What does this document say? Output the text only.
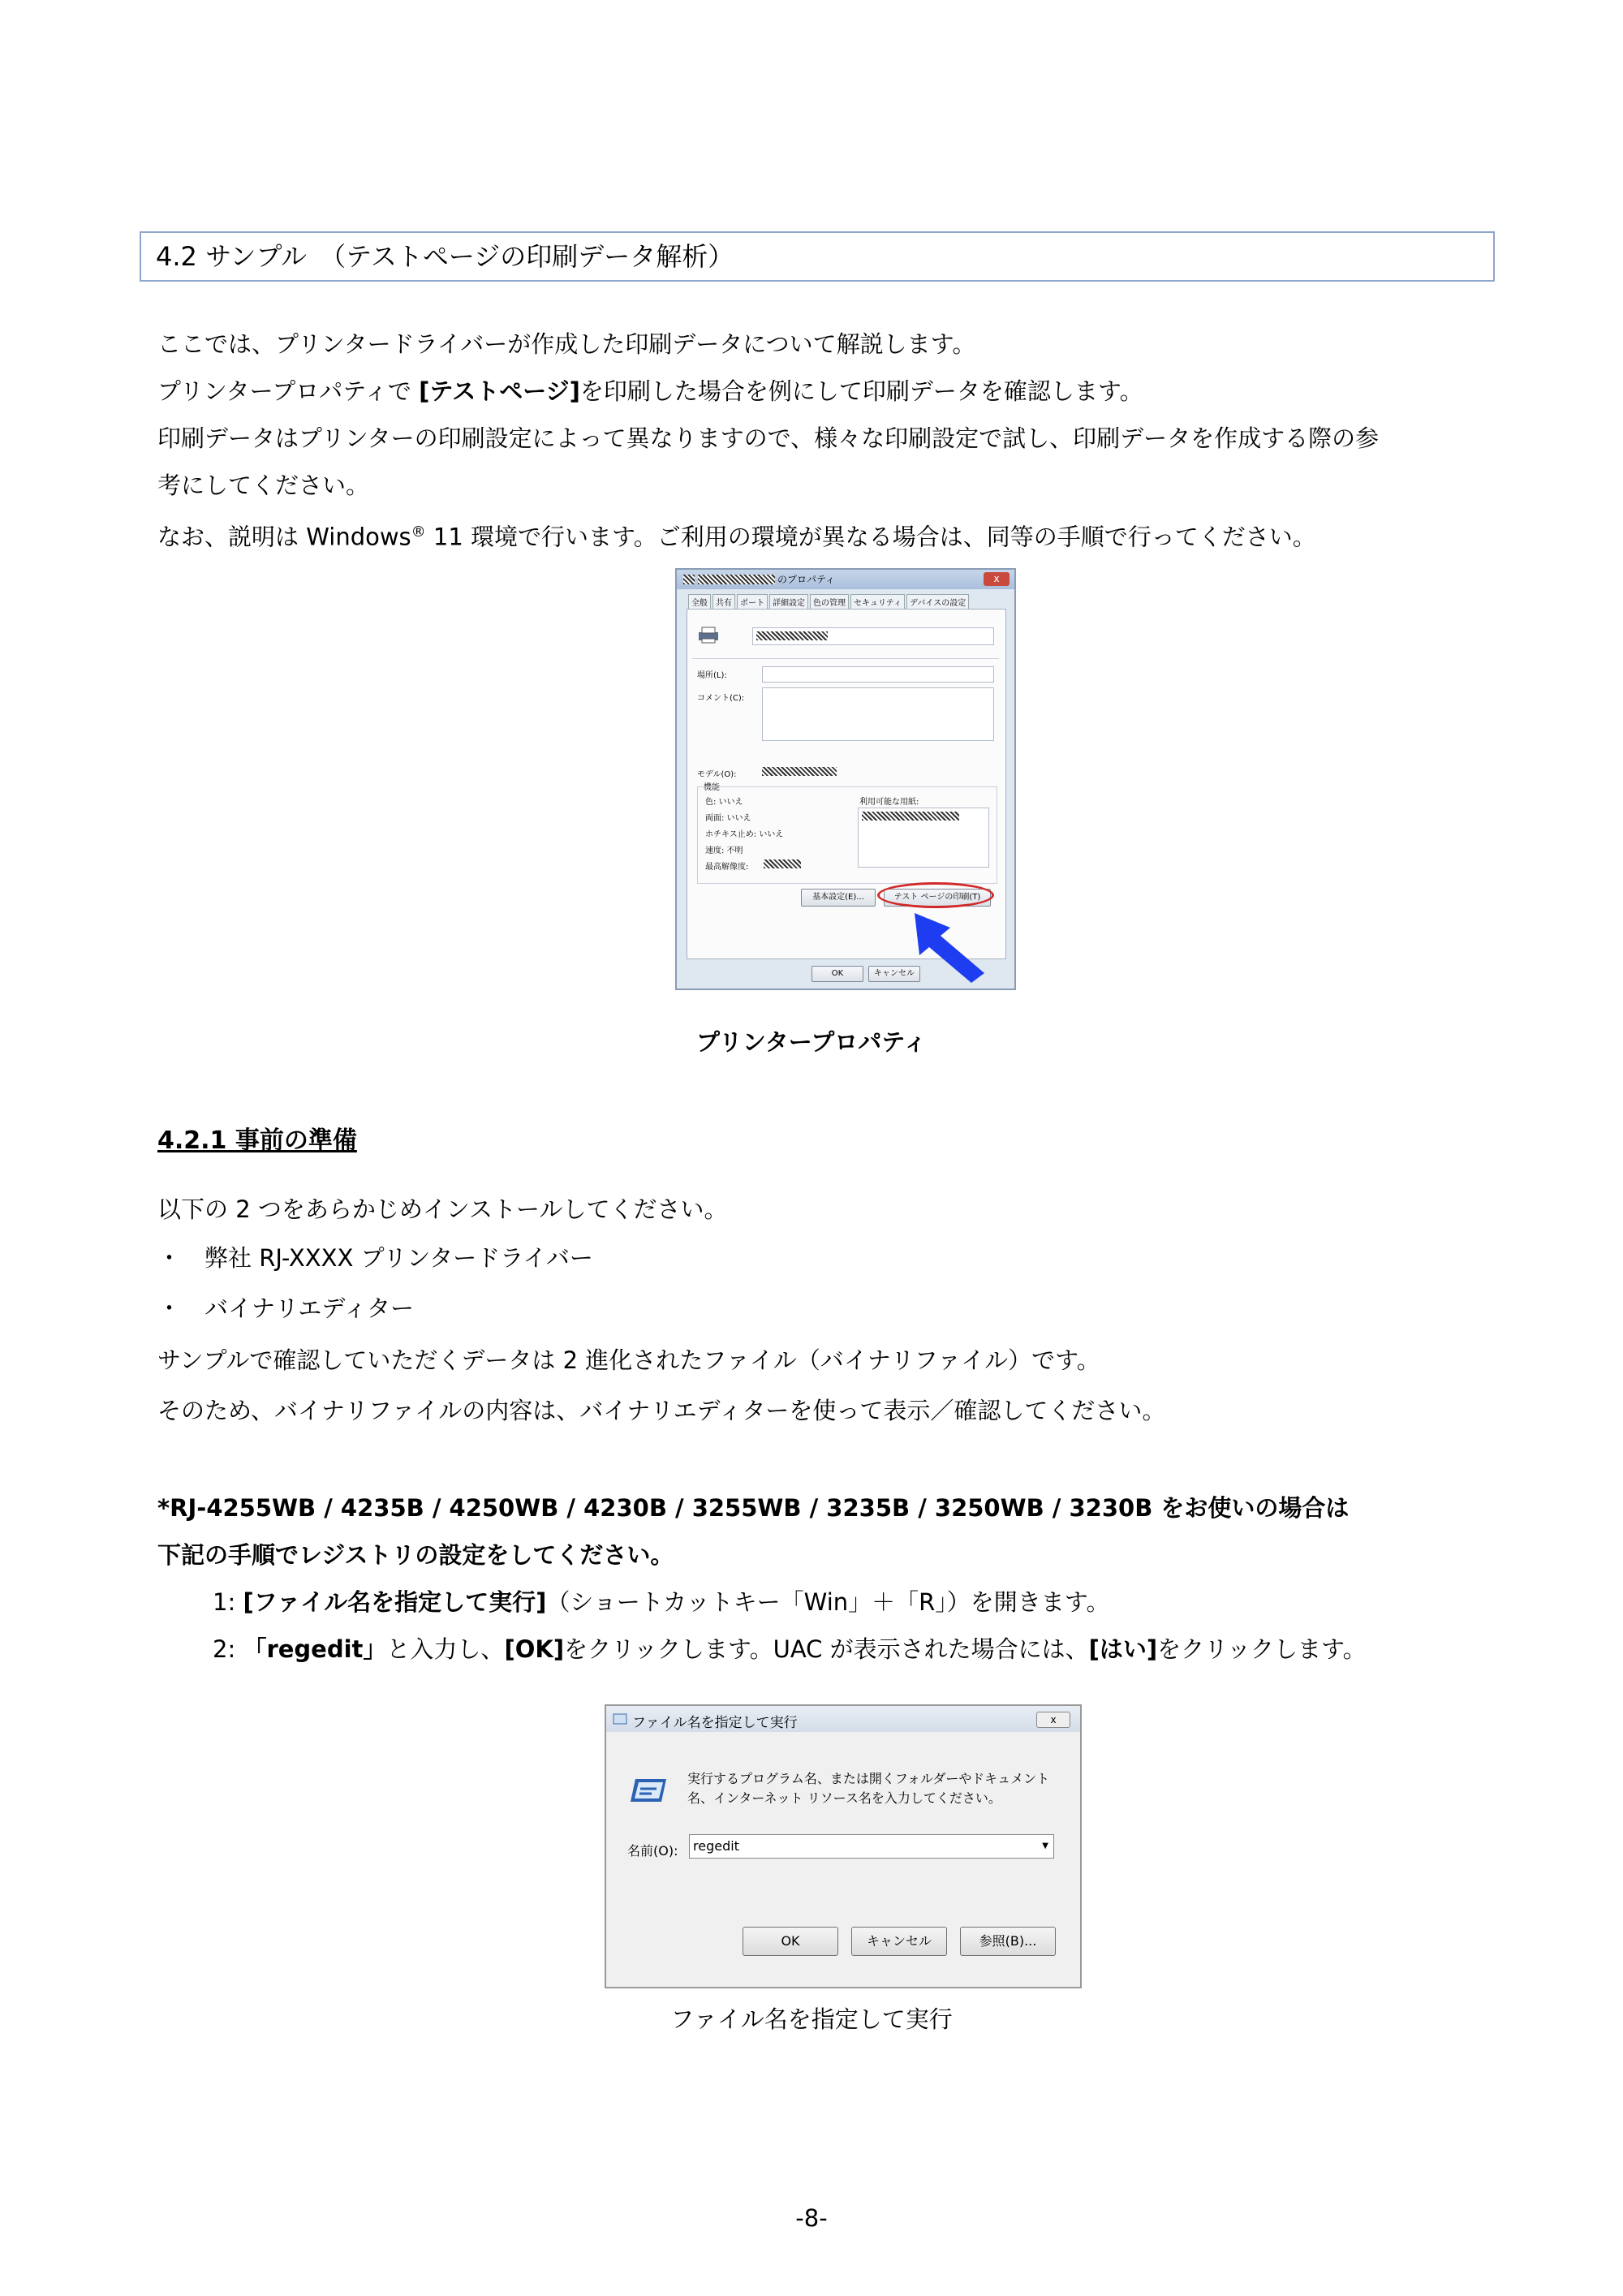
4.2 サンプル　（テストページの印刷データ解析）
ここでは、プリンタードライバーが作成した印刷データについて解説します。
プリンタープロパティで [テストページ]を印刷した場合を例にして印刷データを確認します。
印刷データはプリンターの印刷設定によって異なりますので、様々な印刷設定で試し、印刷データを作成する際の参
考にしてください。
なお、説明は Windows® 11 環境で行います。ご利用の環境が異なる場合は、同等の手順で行ってください。
のプロパティ	x
全般	共有	ポート	詳細設定	色の管理	セキュリティ	デバイスの設定
場所(L):
コメント(C):
モデル(O):
機能
色: いいえ
両面: いいえ
ホチキス止め: いいえ
速度: 不明
最高解像度:
利用可能な用紙:
基本設定(E)...	テスト ページの印刷(T)
OK	キャンセル
プリンタープロパティ
4.2.1 事前の準備
以下の 2 つをあらかじめインストールしてください。
・　弊社 RJ-XXXX プリンタードライバー
・　バイナリエディター
サンプルで確認していただくデータは 2 進化されたファイル（バイナリファイル）です。
そのため、バイナリファイルの内容は、バイナリエディターを使って表示／確認してください。
*RJ-4255WB / 4235B / 4250WB / 4230B / 3255WB / 3235B / 3250WB / 3230B をお使いの場合は
下記の手順でレジストリの設定をしてください。
1: [ファイル名を指定して実行]（ショートカットキー「Win」＋「R」）を開きます。
2: 「regedit」と入力し、[OK]をクリックします。UAC が表示された場合には、[はい]をクリックします。
ファイル名を指定して実行	x
実行するプログラム名、または開くフォルダーやドキュメント名、インターネット リソース名を入力してください。
名前(O):	regedit	▼
OK	キャンセル	参照(B)...
ファイル名を指定して実行
-8-
